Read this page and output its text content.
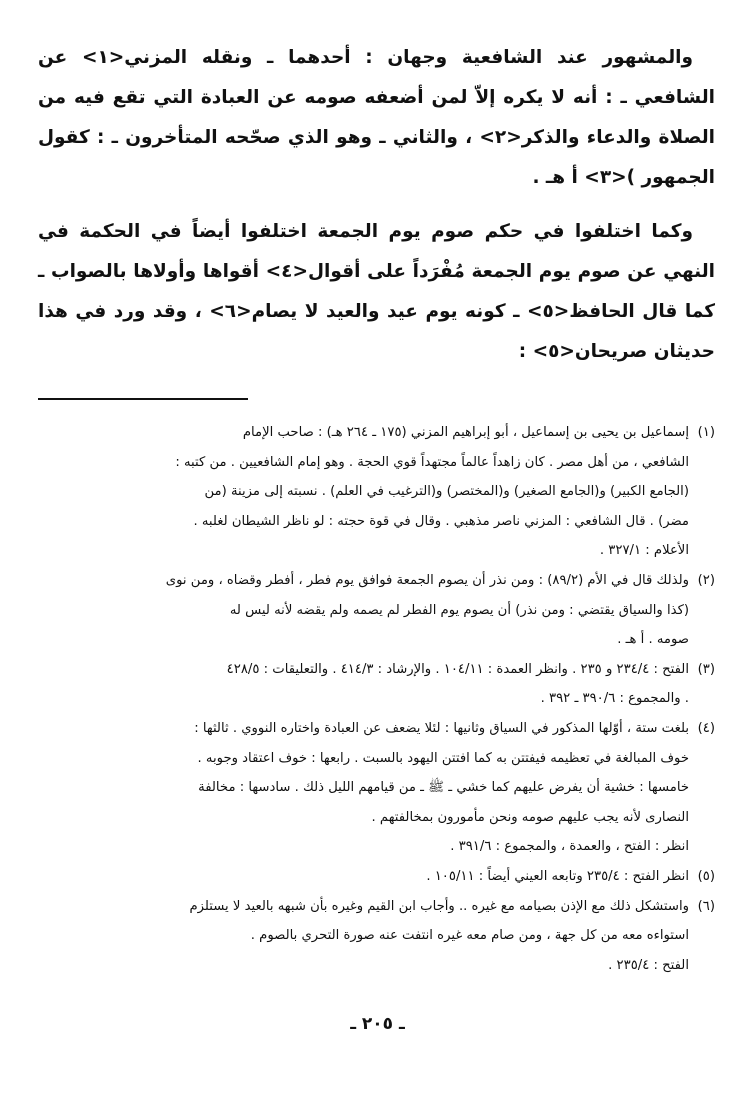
والمشهور عند الشافعية وجهان : أحدهما ـ ونقله المزني<١> عن الشافعي ـ : أنه لا يكره إلاّ لمن أضعفه صومه عن العبادة التي تقع فيه من الصلاة والدعاء والذكر<٢> ، والثاني ـ وهو الذي صحّحه المتأخرون ـ : كقول الجمهور )<٣> أ هـ .

وكما اختلفوا في حكم صوم يوم الجمعة اختلفوا أيضاً في الحكمة في النهي عن صوم يوم الجمعة مُفْرَداً على أقوال<٤> أقواها وأولاها بالصواب ـ كما قال الحافظ<٥> ـ كونه يوم عيد والعيد لا يصام<٦> ، وقد ورد في هذا حديثان صريحان<٥> :

(١)
إسماعيل بن يحيى بن إسماعيل ، أبو إبراهيم المزني (١٧٥ ـ ٢٦٤ هـ) : صاحب الإمام
الشافعي ، من أهل مصر . كان زاهداً عالماً مجتهداً قوي الحجة . وهو إمام الشافعيين . من كتبه :
(الجامع الكبير) و(الجامع الصغير) و(المختصر) و(الترغيب في العلم) . نسبته إلى مزينة (من
مضر) . قال الشافعي : المزني ناصر مذهبي . وقال في قوة حجته : لو ناظر الشيطان لغلبه .
الأعلام : ٣٢٧/١ .
(٢)
ولذلك قال في الأم (٨٩/٢) : ومن نذر أن يصوم الجمعة فوافق يوم فطر ، أفطر وقضاه ، ومن نوى
(كذا والسياق يقتضي : ومن نذر) أن يصوم يوم الفطر لم يصمه ولم يقضه لأنه ليس له
صومه . أ هـ .
(٣)
الفتح : ٢٣٤/٤ و ٢٣٥ . وانظر العمدة : ١٠٤/١١ . والإرشاد : ٤١٤/٣ . والتعليقات : ٤٢٨/٥
. والمجموع : ٣٩٠/٦ ـ ٣٩٢ .
(٤)
بلغت ستة ، أوّلها المذكور في السياق وثانيها : لئلا يضعف عن العبادة واختاره النووي . ثالثها :
خوف المبالغة في تعظيمه فيفتتن به كما افتتن اليهود بالسبت . رابعها : خوف اعتقاد وجوبه .
خامسها : خشية أن يفرض عليهم كما خشي ـ ﷺ ـ من قيامهم الليل ذلك . سادسها : مخالفة
النصارى لأنه يجب عليهم صومه ونحن مأمورون بمخالفتهم .
انظر : الفتح ، والعمدة ، والمجموع : ٣٩١/٦ .
(٥)
انظر الفتح : ٢٣٥/٤ وتابعه العيني أيضاً : ١٠٥/١١ .
(٦)
واستشكل ذلك مع الإذن بصيامه مع غيره .. وأجاب ابن القيم وغيره بأن شبهه بالعيد لا يستلزم
استواءه معه من كل جهة ، ومن صام معه غيره انتفت عنه صورة التحري بالصوم .
الفتح : ٢٣٥/٤ .
ـ ٢٠٥ ـ
